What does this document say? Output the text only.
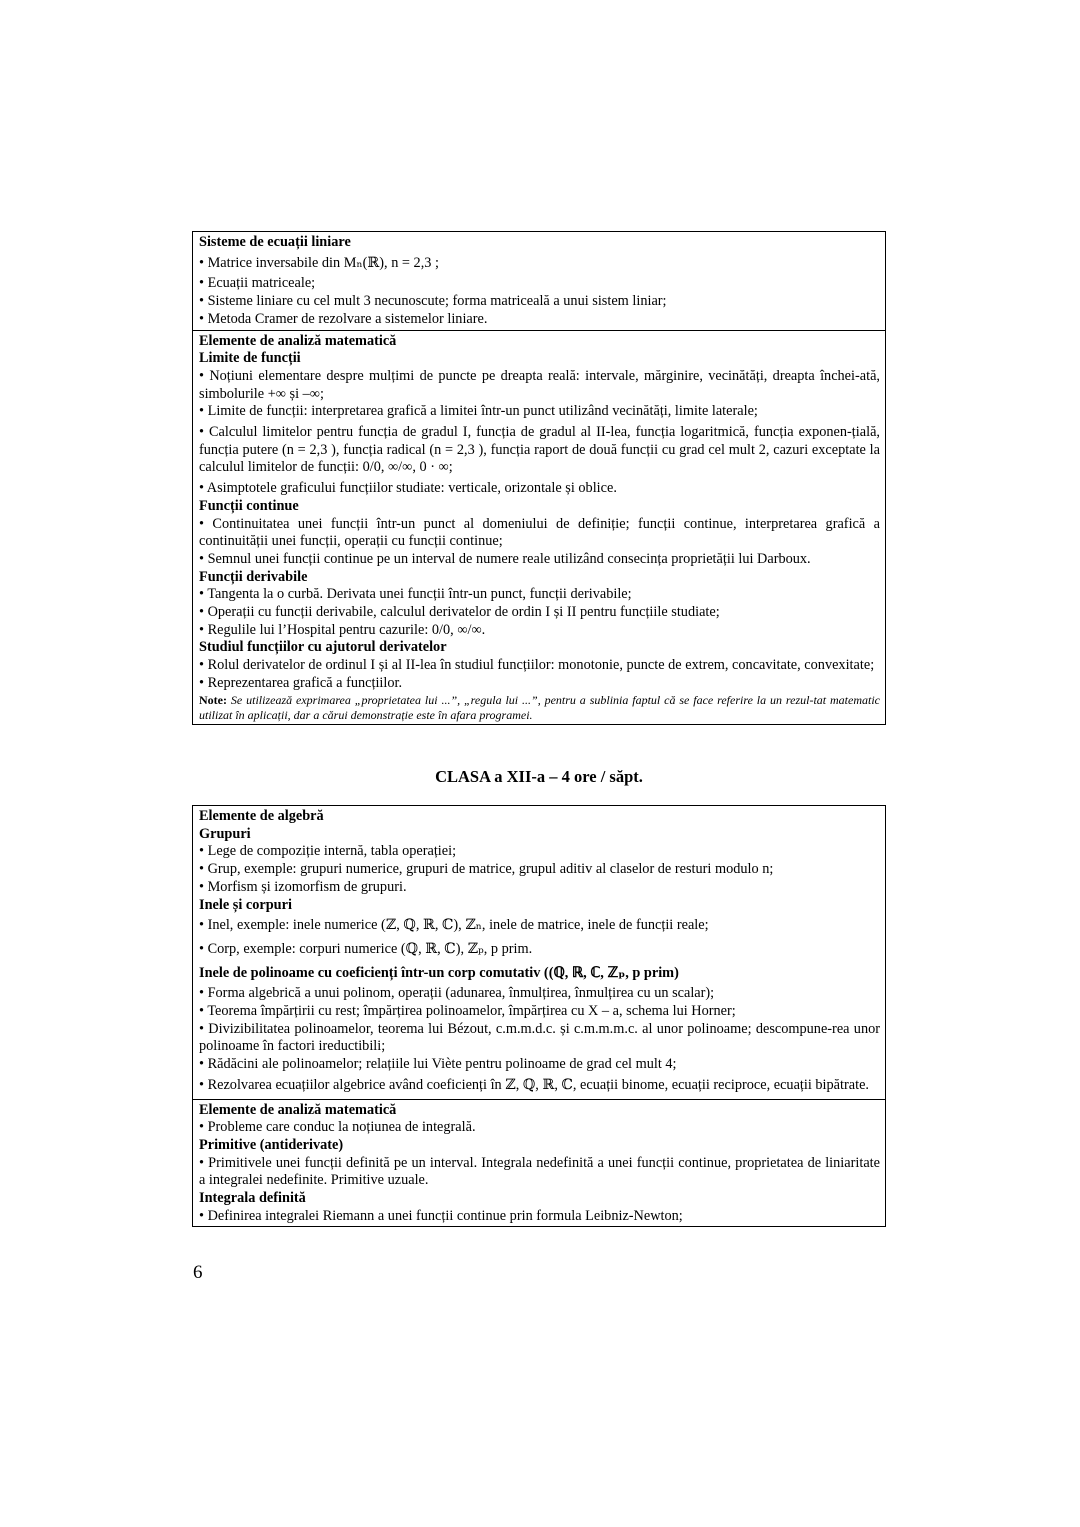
Sisteme de ecuații liniare
• Matrice inversabile din Mₙ(ℝ), n = 2,3 ;
• Ecuații matriceale;
• Sisteme liniare cu cel mult 3 necunoscute; forma matriceală a unui sistem liniar;
• Metoda Cramer de rezolvare a sistemelor liniare.
Elemente de analiză matematică
Limite de funcții
• Noțiuni elementare despre mulțimi de puncte pe dreapta reală: intervale, mărginire, vecinătăți, dreapta închei-ată, simbolurile +∞ și –∞;
• Limite de funcții: interpretarea grafică a limitei într-un punct utilizând vecinătăți, limite laterale;
• Calculul limitelor pentru funcția de gradul I, funcția de gradul al II-lea, funcția logaritmică, funcția exponen-țială, funcția putere (n = 2,3 ), funcția radical (n = 2,3 ), funcția raport de două funcții cu grad cel mult 2, cazuri exceptate la calculul limitelor de funcții: 0/0, ∞/∞, 0 · ∞;
• Asimptotele graficului funcțiilor studiate: verticale, orizontale și oblice.
Funcții continue
• Continuitatea unei funcții într-un punct al domeniului de definiție; funcții continue, interpretarea grafică a continuității unei funcții, operații cu funcții continue;
• Semnul unei funcții continue pe un interval de numere reale utilizând consecința proprietății lui Darboux.
Funcții derivabile
• Tangenta la o curbă. Derivata unei funcții într-un punct, funcții derivabile;
• Operații cu funcții derivabile, calculul derivatelor de ordin I și II pentru funcțiile studiate;
• Regulile lui l’Hospital pentru cazurile: 0/0, ∞/∞.
Studiul funcțiilor cu ajutorul derivatelor
• Rolul derivatelor de ordinul I și al II-lea în studiul funcțiilor: monotonie, puncte de extrem, concavitate, convexitate;
• Reprezentarea grafică a funcțiilor.
Note: Se utilizează exprimarea „proprietatea lui ...”, „regula lui ...”, pentru a sublinia faptul că se face referire la un rezul-tat matematic utilizat în aplicații, dar a cărui demonstrație este în afara programei.
CLASA a XII-a – 4 ore / săpt.
Elemente de algebră
Grupuri
• Lege de compoziție internă, tabla operației;
• Grup, exemple: grupuri numerice, grupuri de matrice, grupul aditiv al claselor de resturi modulo n;
• Morfism și izomorfism de grupuri.
Inele și corpuri
• Inel, exemple: inele numerice (ℤ, ℚ, ℝ, ℂ), ℤₙ, inele de matrice, inele de funcții reale;
• Corp, exemple: corpuri numerice (ℚ, ℝ, ℂ), ℤₚ, p prim.
Inele de polinoame cu coeficienți într-un corp comutativ ((ℚ, ℝ, ℂ, ℤₚ, p prim)
• Forma algebrică a unui polinom, operații (adunarea, înmulțirea, înmulțirea cu un scalar);
• Teorema împărțirii cu rest; împărțirea polinoamelor, împărțirea cu X – a, schema lui Horner;
• Divizibilitatea polinoamelor, teorema lui Bézout, c.m.m.d.c. și c.m.m.m.c. al unor polinoame; descompune-rea unor polinoame în factori ireductibili;
• Rădăcini ale polinoamelor; relațiile lui Viète pentru polinoame de grad cel mult 4;
• Rezolvarea ecuațiilor algebrice având coeficienți în ℤ, ℚ, ℝ, ℂ, ecuații binome, ecuații reciproce, ecuații bipătrate.
Elemente de analiză matematică
• Probleme care conduc la noțiunea de integrală.
Primitive (antiderivate)
• Primitivele unei funcții definită pe un interval. Integrala nedefinită a unei funcții continue, proprietatea de liniaritate a integralei nedefinite. Primitive uzuale.
Integrala definită
• Definirea integralei Riemann a unei funcții continue prin formula Leibniz-Newton;
6
